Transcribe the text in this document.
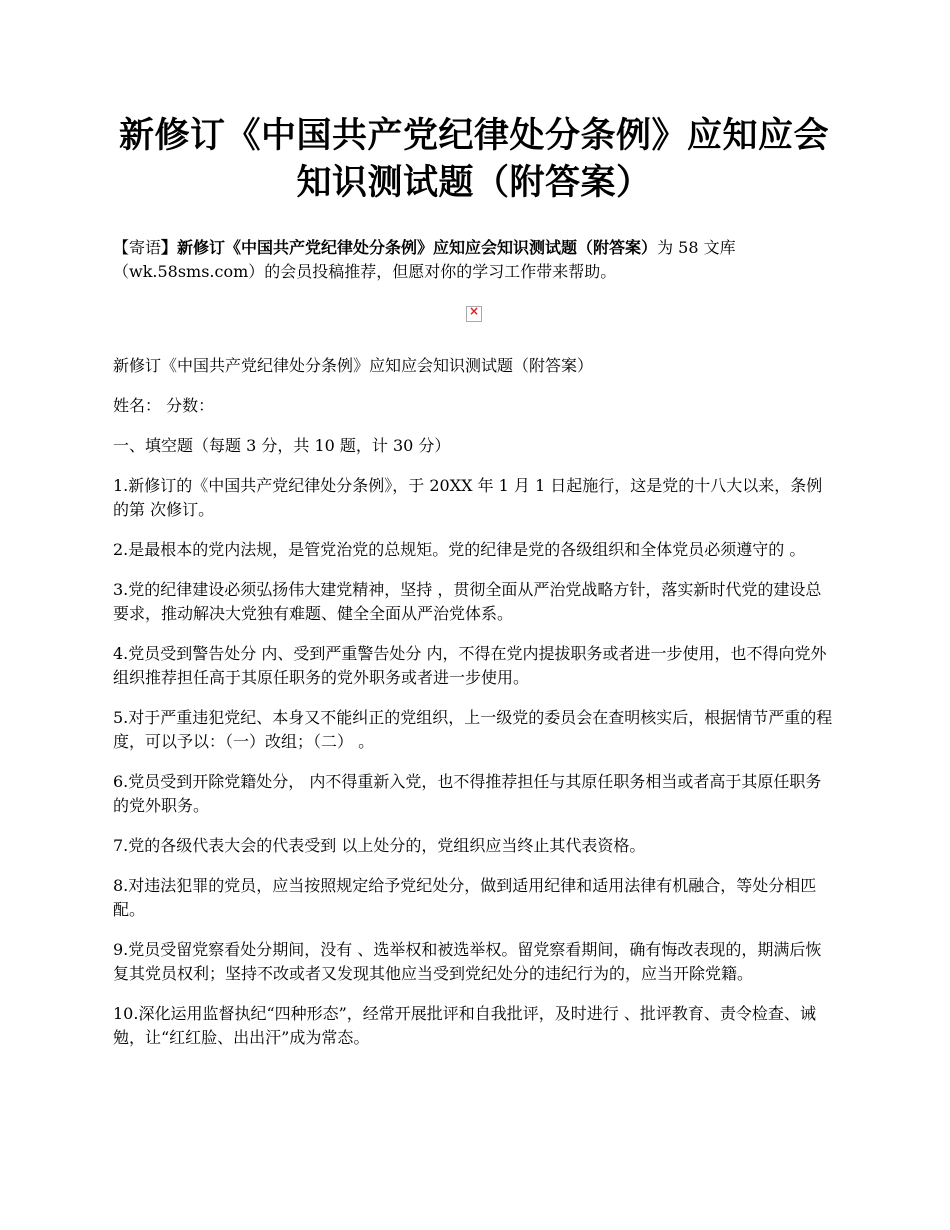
新修订《中国共产党纪律处分条例》应知应会知识测试题（附答案）

【寄语】新修订《中国共产党纪律处分条例》应知应会知识测试题（附答案）为 58 文库（wk.58sms.com）的会员投稿推荐，但愿对你的学习工作带来帮助。

×

新修订《中国共产党纪律处分条例》应知应会知识测试题（附答案）

姓名： 分数：

一、填空题（每题 3 分，共 10 题，计 30 分）

1.新修订的《中国共产党纪律处分条例》，于 20XX 年 1 月 1 日起施行，这是党的十八大以来，条例的第 次修订。

2.是最根本的党内法规，是管党治党的总规矩。党的纪律是党的各级组织和全体党员必须遵守的 。

3.党的纪律建设必须弘扬伟大建党精神，坚持 ，贯彻全面从严治党战略方针，落实新时代党的建设总要求，推动解决大党独有难题、健全全面从严治党体系。

4.党员受到警告处分 内、受到严重警告处分 内，不得在党内提拔职务或者进一步使用，也不得向党外组织推荐担任高于其原任职务的党外职务或者进一步使用。

5.对于严重违犯党纪、本身又不能纠正的党组织，上一级党的委员会在查明核实后，根据情节严重的程度，可以予以：（一）改组；（二） 。

6.党员受到开除党籍处分， 内不得重新入党，也不得推荐担任与其原任职务相当或者高于其原任职务的党外职务。

7.党的各级代表大会的代表受到 以上处分的，党组织应当终止其代表资格。

8.对违法犯罪的党员，应当按照规定给予党纪处分，做到适用纪律和适用法律有机融合，等处分相匹配。

9.党员受留党察看处分期间，没有 、选举权和被选举权。留党察看期间，确有悔改表现的，期满后恢复其党员权利；坚持不改或者又发现其他应当受到党纪处分的违纪行为的，应当开除党籍。

10.深化运用监督执纪“四种形态”，经常开展批评和自我批评，及时进行 、批评教育、责令检查、诫勉，让“红红脸、出出汗”成为常态。
